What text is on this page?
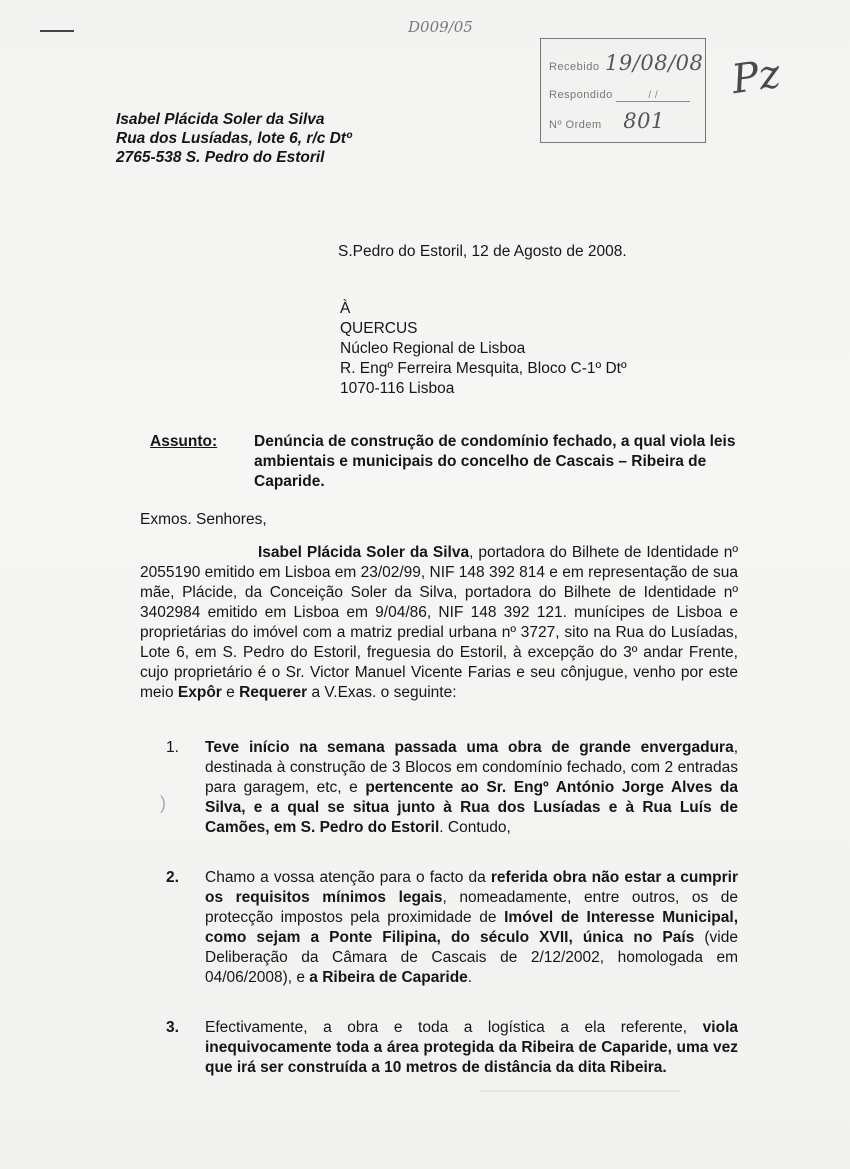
D009/05
Recebido 19/08/08
Respondido	/ /
Nº Ordem 801
Pz
Isabel Plácida Soler da Silva
Rua dos Lusíadas, lote 6, r/c Dtº
2765-538 S. Pedro do Estoril
S.Pedro do Estoril, 12 de Agosto de 2008.
À
QUERCUS
Núcleo Regional de Lisboa
R. Engº Ferreira Mesquita, Bloco C-1º Dtº
1070-116 Lisboa
Assunto: Denúncia de construção de condomínio fechado, a qual viola leis ambientais e municipais do concelho de Cascais – Ribeira de Caparide.
Exmos. Senhores,

Isabel Plácida Soler da Silva, portadora do Bilhete de Identidade nº 2055190 emitido em Lisboa em 23/02/99, NIF 148 392 814 e em representação de sua mãe, Plácide, da Conceição Soler da Silva, portadora do Bilhete de Identidade nº 3402984 emitido em Lisboa em 9/04/86, NIF 148 392 121. munícipes de Lisboa e proprietárias do imóvel com a matriz predial urbana nº 3727, sito na Rua do Lusíadas, Lote 6, em S. Pedro do Estoril, freguesia do Estoril, à excepção do 3º andar Frente, cujo proprietário é o Sr. Victor Manuel Vicente Farias e seu cônjugue, venho por este meio Expôr e Requerer a V.Exas. o seguinte:

)
1. Teve início na semana passada uma obra de grande envergadura, destinada à construção de 3 Blocos em condomínio fechado, com 2 entradas para garagem, etc, e pertencente ao Sr. Engº António Jorge Alves da Silva, e a qual se situa junto à Rua dos Lusíadas e à Rua Luís de Camões, em S. Pedro do Estoril. Contudo,
2. Chamo a vossa atenção para o facto da referida obra não estar a cumprir os requisitos mínimos legais, nomeadamente, entre outros, os de protecção impostos pela proximidade de Imóvel de Interesse Municipal, como sejam a Ponte Filipina, do século XVII, única no País (vide Deliberação da Câmara de Cascais de 2/12/2002, homologada em 04/06/2008), e a Ribeira de Caparide.
3. Efectivamente, a obra e toda a logística a ela referente, viola inequivocamente toda a área protegida da Ribeira de Caparide, uma vez que irá ser construída a 10 metros de distância da dita Ribeira.
